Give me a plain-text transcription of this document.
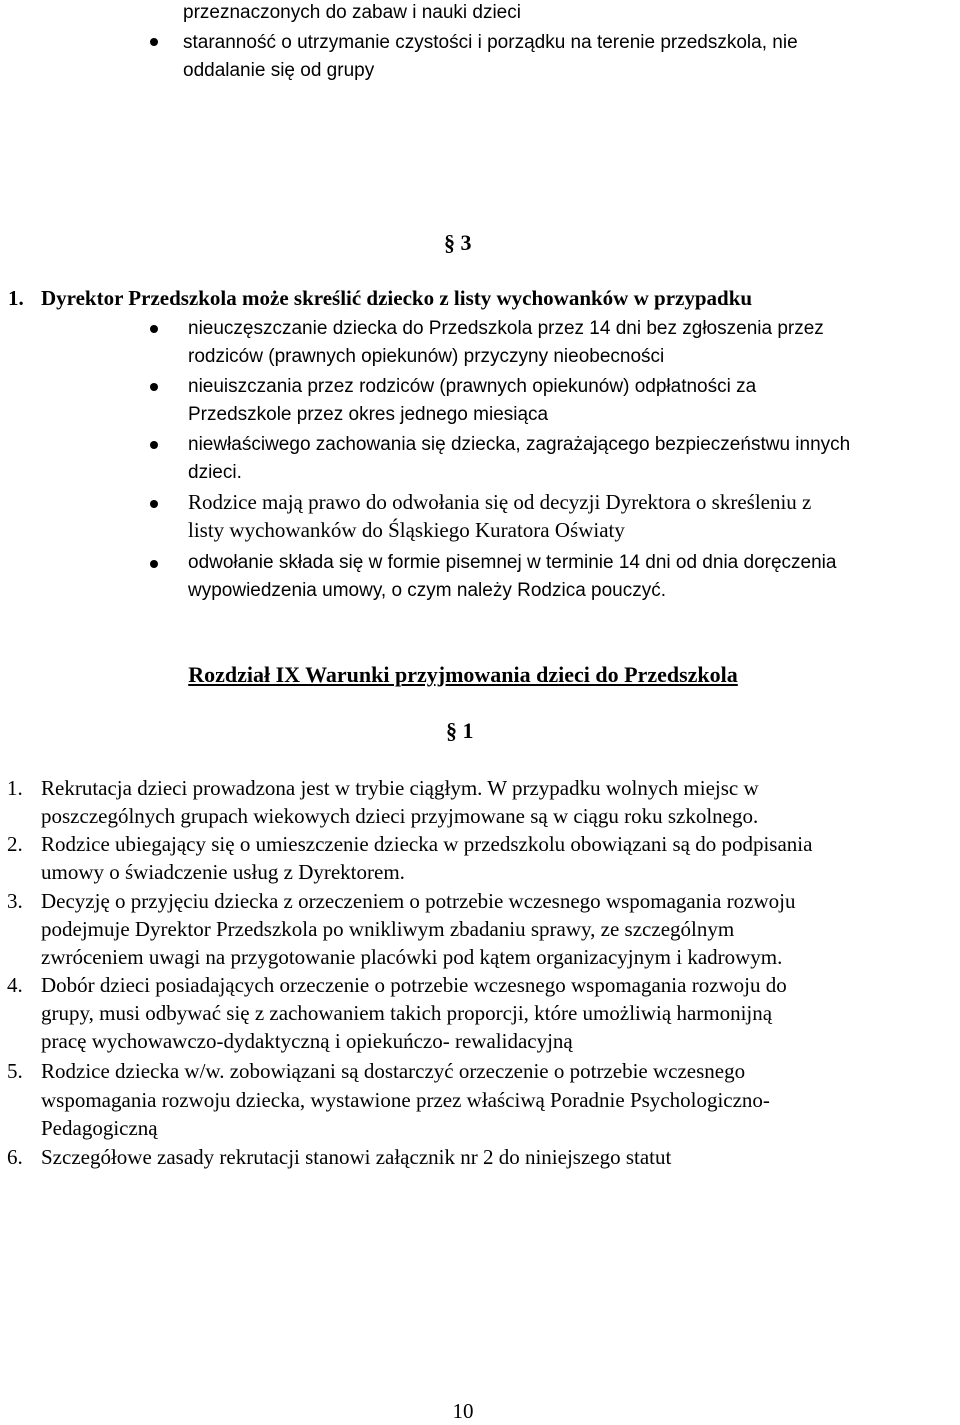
przeznaczonych do zabaw i nauki dzieci
staranność o utrzymanie czystości i porządku na terenie przedszkola, nie
oddalanie się od grupy
§ 3
1. Dyrektor Przedszkola może skreślić dziecko z listy wychowanków w przypadku
nieuczęszczanie dziecka do Przedszkola przez 14 dni bez zgłoszenia przez
rodziców (prawnych opiekunów) przyczyny nieobecności
nieuiszczania przez rodziców (prawnych opiekunów) odpłatności za
Przedszkole przez okres jednego miesiąca
niewłaściwego zachowania się dziecka, zagrażającego bezpieczeństwu innych
dzieci.
Rodzice mają prawo do odwołania się od decyzji Dyrektora o skreśleniu z
listy wychowanków do Śląskiego Kuratora Oświaty
odwołanie składa się w formie pisemnej w terminie 14 dni od dnia doręczenia
wypowiedzenia umowy, o czym należy Rodzica pouczyć.
Rozdział IX Warunki przyjmowania dzieci do Przedszkola
§ 1
1. Rekrutacja dzieci prowadzona jest w trybie ciągłym. W przypadku wolnych miejsc w
poszczególnych grupach wiekowych dzieci przyjmowane są w ciągu roku szkolnego.
2. Rodzice ubiegający się o umieszczenie dziecka w przedszkolu obowiązani są do podpisania
umowy o świadczenie usług z Dyrektorem.
3. Decyzję o przyjęciu dziecka z orzeczeniem o potrzebie wczesnego wspomagania rozwoju
podejmuje Dyrektor Przedszkola po wnikliwym zbadaniu sprawy, ze szczególnym
zwróceniem uwagi na przygotowanie placówki pod kątem organizacyjnym i kadrowym.
4. Dobór dzieci posiadających orzeczenie o potrzebie wczesnego wspomagania rozwoju do
grupy, musi odbywać się z zachowaniem takich proporcji, które umożliwią harmonijną
pracę wychowawczo-dydaktyczną i opiekuńczo- rewalidacyjną
5. Rodzice dziecka w/w. zobowiązani są dostarczyć orzeczenie o potrzebie wczesnego
wspomagania rozwoju dziecka, wystawione przez właściwą Poradnie Psychologiczno-
Pedagogiczną
6. Szczegółowe zasady rekrutacji stanowi załącznik nr 2 do niniejszego statut
10
